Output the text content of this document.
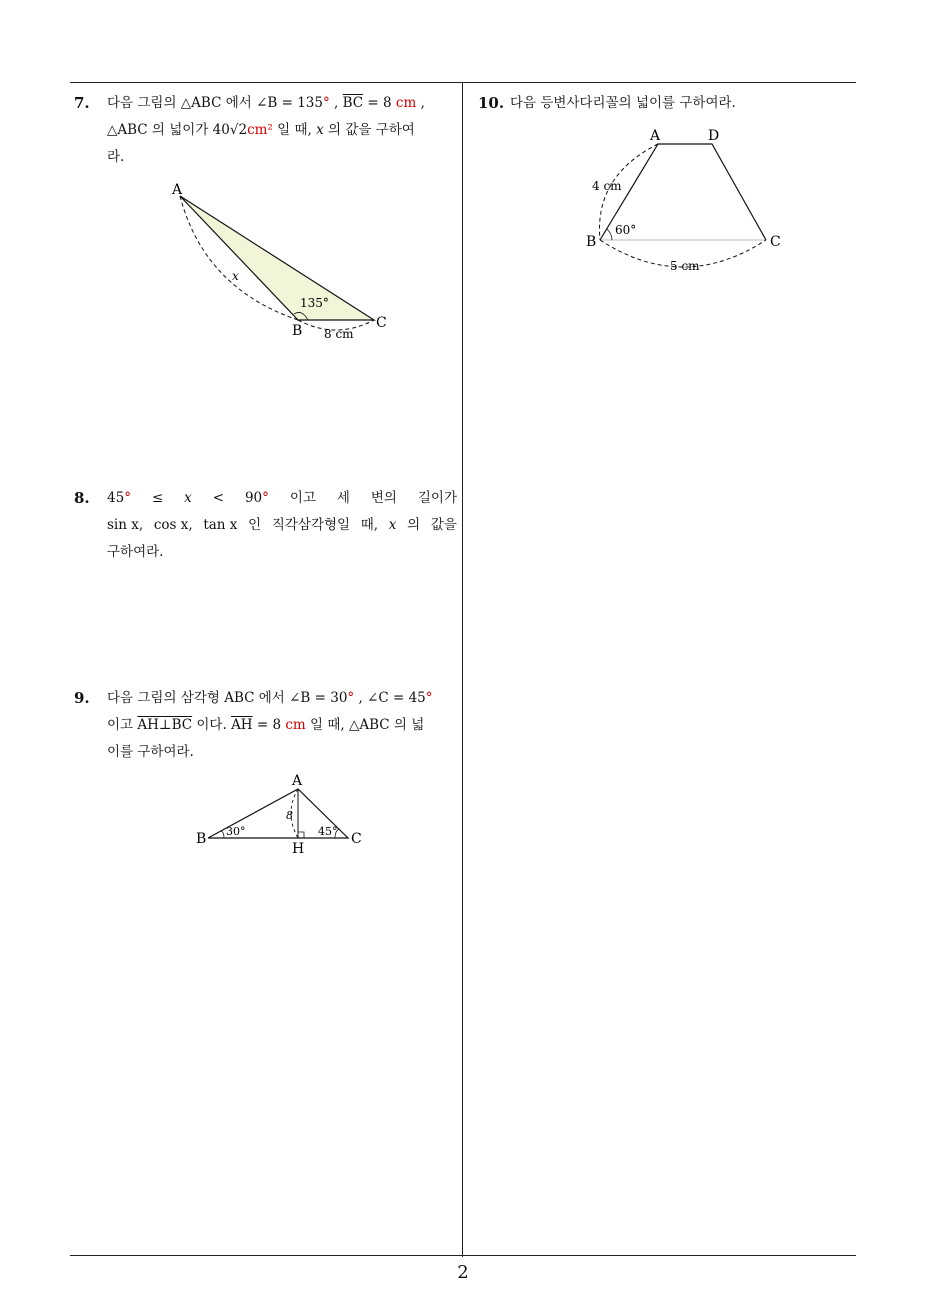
7. 다음 그림의 △ABC 에서 ∠B = 135° , $\overline{BC} = 8$ cm ,
△ABC 의 넓이가 40√2cm² 일 때, x 의 값을 구하여
라.
A
B	C
135°
8 cm
x
8. 45° ≤ x < 90° 이고 세 변의 길이가
sin x, cos x, tan x 인 직각삼각형일 때, x 의 값을
구하여라.
9. 다음 그림의 삼각형 ABC 에서 ∠B = 30° , ∠C = 45°
이고 AH⊥BC 이다. $\overline{AH} = 8$ cm 일 때, △ABC 의 넓
이를 구하여라.
A
B	C
H
30°	45°
8
10. 다음 등변사다리꼴의 넓이를 구하여라.
A	D
B	C
4 cm
60°
5 cm
2
